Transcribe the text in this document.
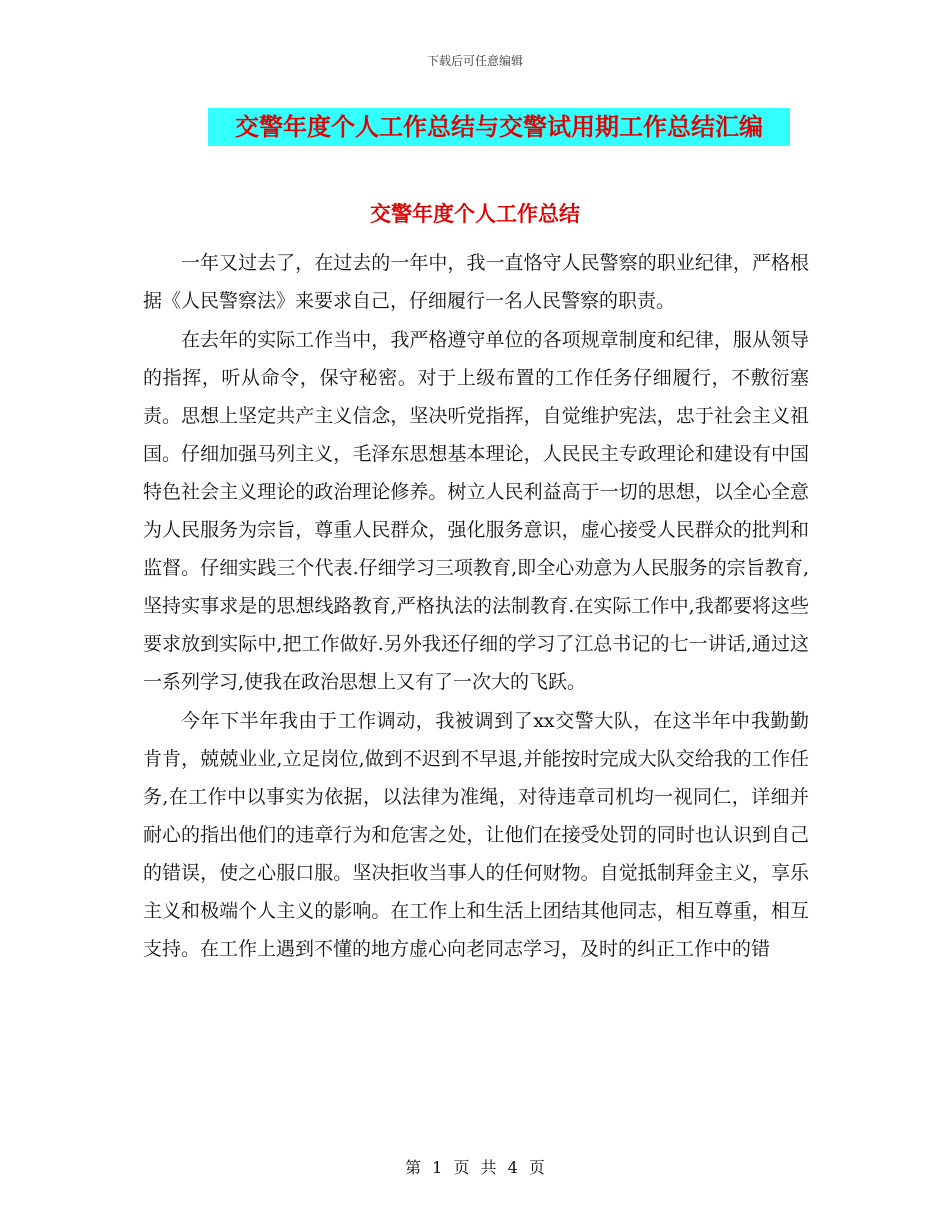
下载后可任意编辑
交警年度个人工作总结与交警试用期工作总结汇编
交警年度个人工作总结

一年又过去了，在过去的一年中，我一直恪守人民警察的职业纪律，严格根据《人民警察法》来要求自己，仔细履行一名人民警察的职责。

在去年的实际工作当中，我严格遵守单位的各项规章制度和纪律，服从领导的指挥，听从命令，保守秘密。对于上级布置的工作任务仔细履行，不敷衍塞责。思想上坚定共产主义信念，坚决听党指挥，自觉维护宪法，忠于社会主义祖国。仔细加强马列主义，毛泽东思想基本理论，人民民主专政理论和建设有中国特色社会主义理论的政治理论修养。树立人民利益高于一切的思想，以全心全意为人民服务为宗旨，尊重人民群众，强化服务意识，虚心接受人民群众的批判和监督。仔细实践三个代表.仔细学习三项教育,即全心劝意为人民服务的宗旨教育,坚持实事求是的思想线路教育,严格执法的法制教育.在实际工作中,我都要将这些要求放到实际中,把工作做好.另外我还仔细的学习了江总书记的七一讲话,通过这一系列学习,使我在政治思想上又有了一次大的飞跃。

今年下半年我由于工作调动，我被调到了xx交警大队，在这半年中我勤勤肯肯，兢兢业业,立足岗位,做到不迟到不早退,并能按时完成大队交给我的工作任务,在工作中以事实为依据，以法律为准绳，对待违章司机均一视同仁，详细并耐心的指出他们的违章行为和危害之处，让他们在接受处罚的同时也认识到自己的错误，使之心服口服。坚决拒收当事人的任何财物。自觉抵制拜金主义，享乐主义和极端个人主义的影响。在工作上和生活上团结其他同志，相互尊重，相互支持。在工作上遇到不懂的地方虚心向老同志学习，及时的纠正工作中的错

第 1 页 共 4 页
